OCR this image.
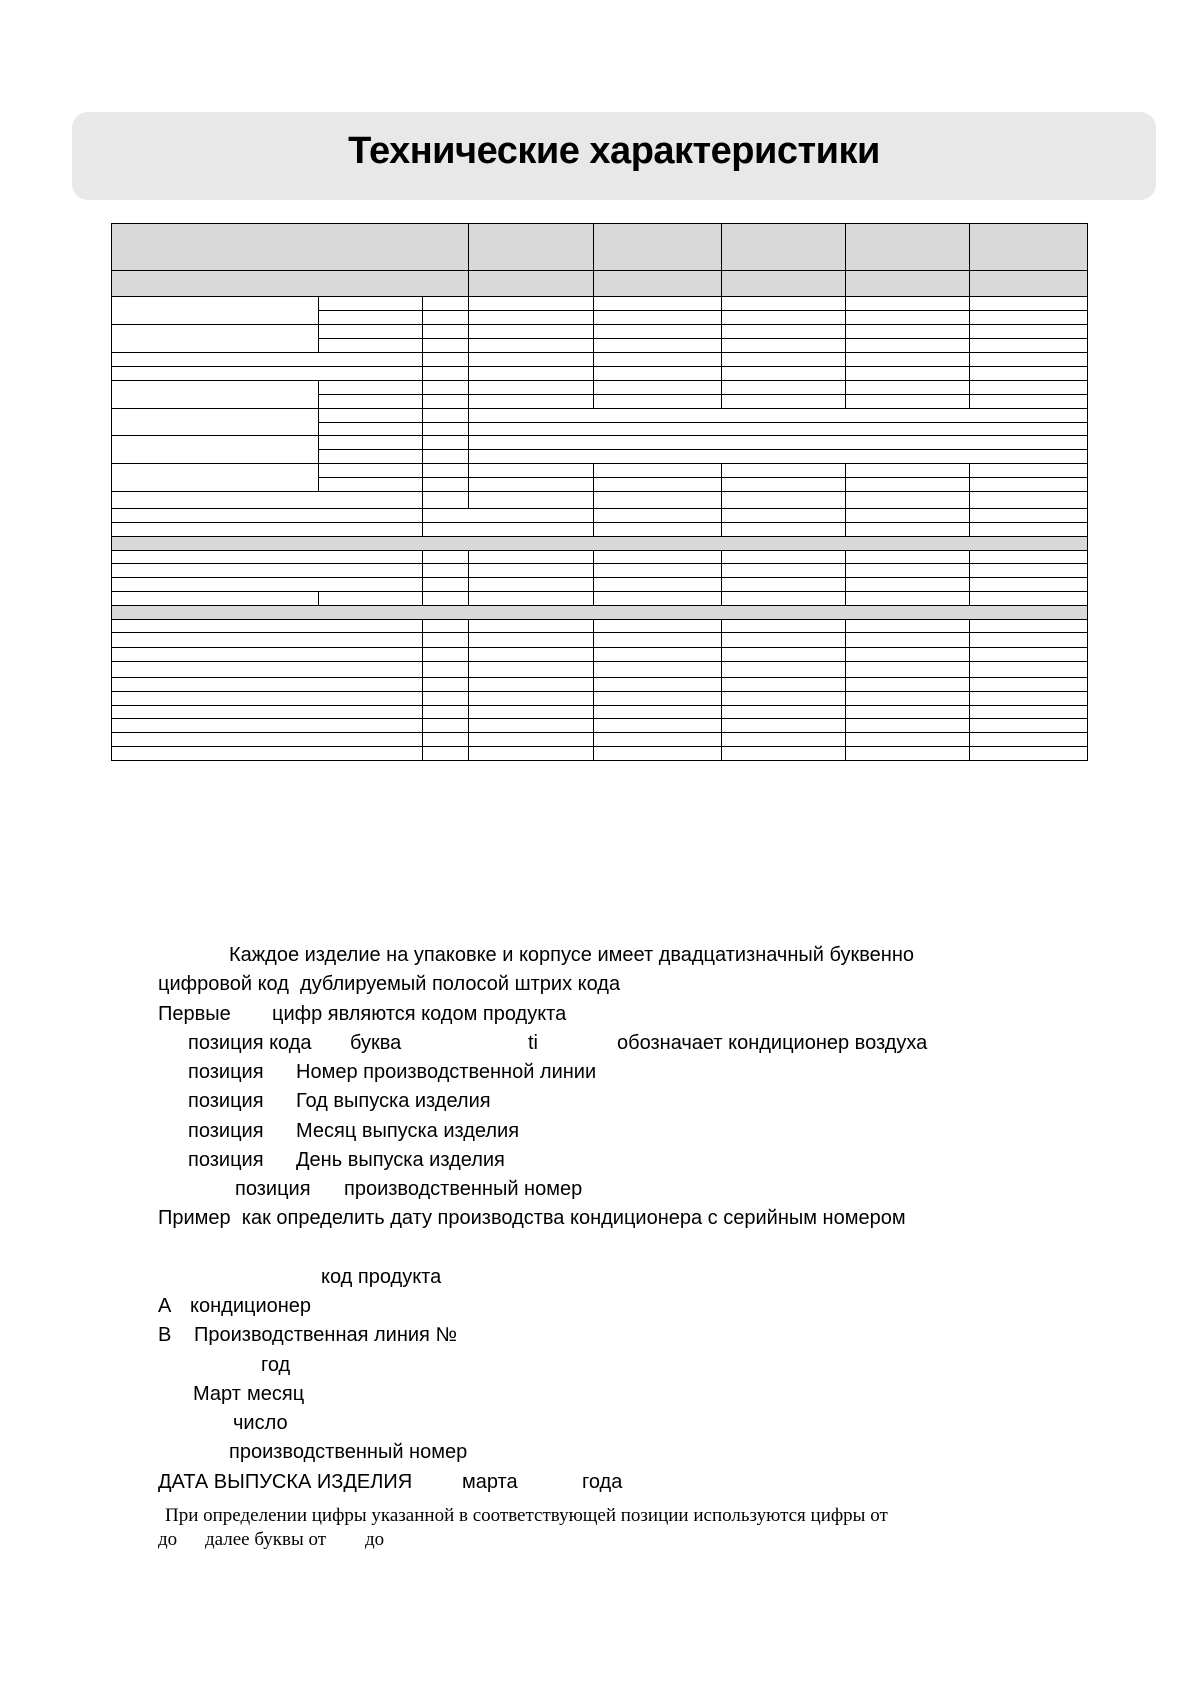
Технические характеристики
Каждое изделие на упаковке и корпусе имеет двадцатизначный буквенно
цифровой код  дублируемый полосой штрих кода
Первые цифр являются кодом продукта
позиция кода буква	ti	обозначает кондиционер воздуха
позиция Номер производственной линии
позиция Год выпуска изделия
позиция Месяц выпуска изделия
позиция День выпуска изделия
позиция производственный номер
Пример  как определить дату производства кондиционера с серийным номером
код продукта
А кондиционер
В Производственная линия №
год
Март месяц
число
производственный номер
ДАТА ВЫПУСКА ИЗДЕЛИЯ марта	года
При определении цифры указанной в соответствующей позиции используются цифры от
до далее буквы от до
